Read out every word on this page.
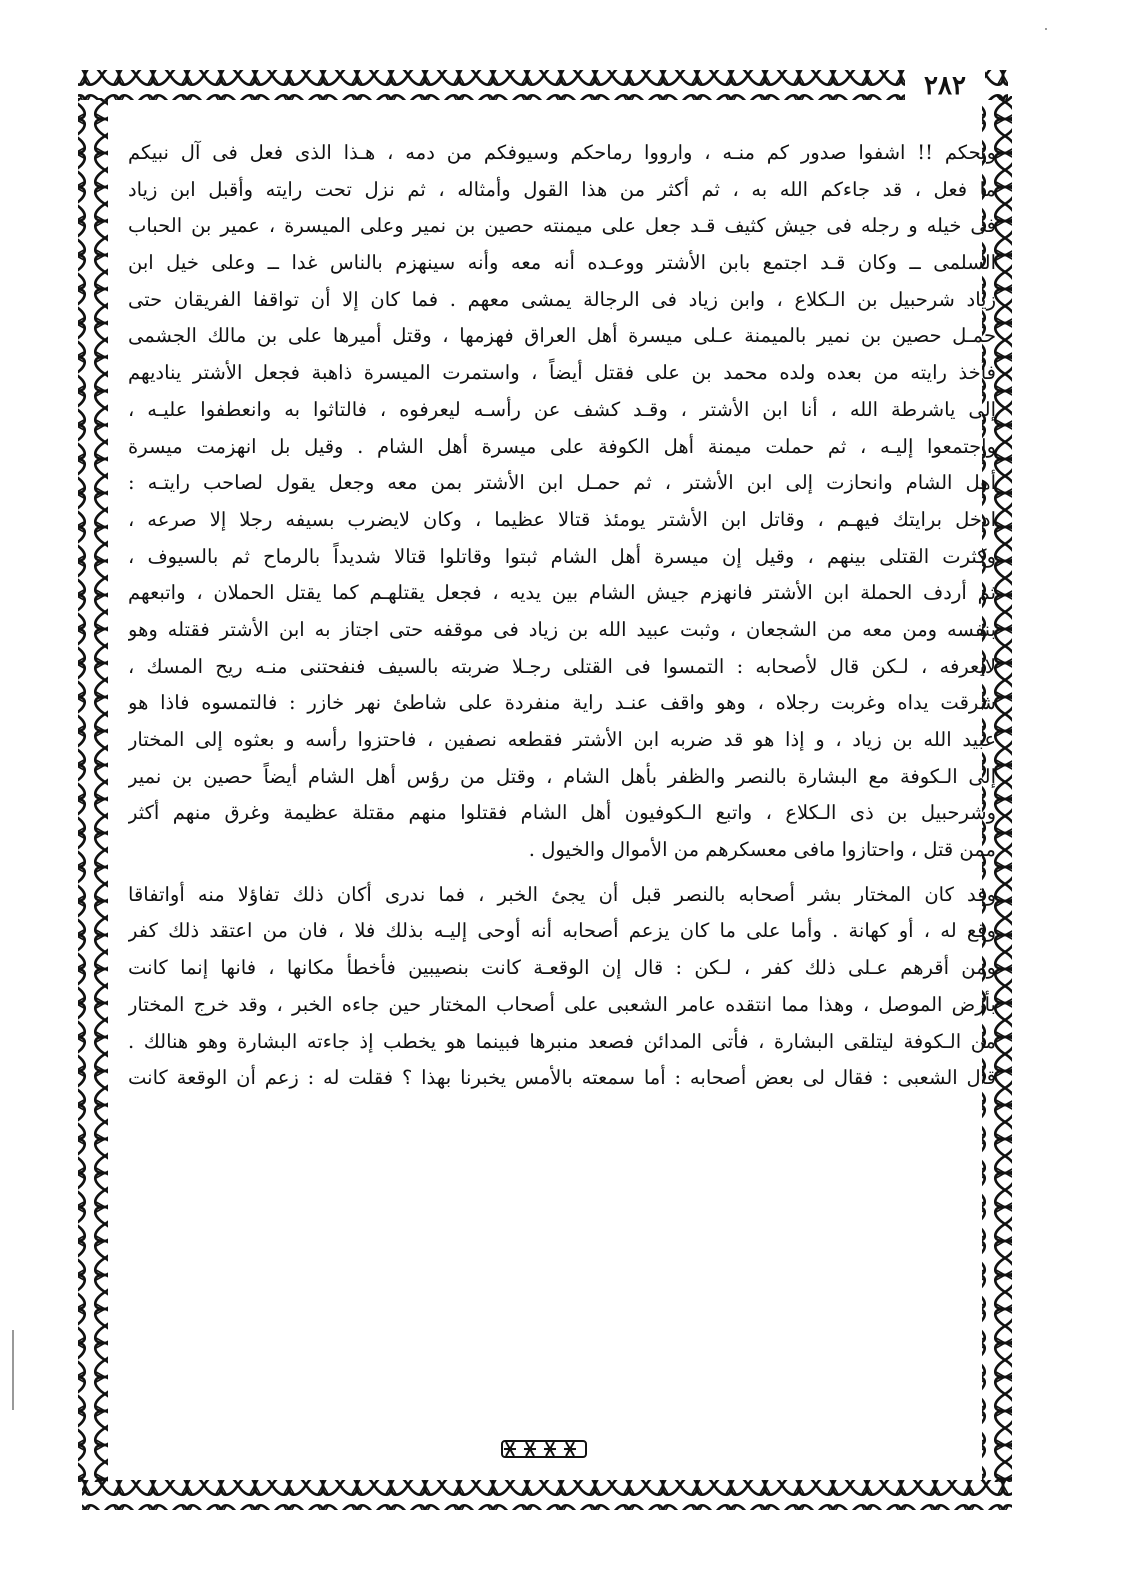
٢٨٢
ويحكم !! اشفوا صدور كم منـه ، وارووا رماحكم وسيوفكم من دمه ، هـذا الذى فعل فى آل نبيكم
ما فعل ، قد جاءكم الله به ، ثم أكثر من هذا القول وأمثاله ، ثم نزل تحت رايته وأقبل ابن زياد
فى خيله و رجله فى جيش كثيف قـد جعل على ميمنته حصين بن نمير وعلى الميسرة ، عمير بن الحباب
السلمى ــ وكان قـد اجتمع بابن الأشتر ووعـده أنه معه وأنه سينهزم بالناس غدا ــ وعلى خيل ابن
زياد شرحبيل بن الـكلاع ، وابن زياد فى الرجالة يمشى معهم . فما كان إلا أن تواقفا الفريقان حتى
حمـل حصين بن نمير بالميمنة عـلى ميسرة أهل العراق فهزمها ، وقتل أميرها على بن مالك الجشمى
فأخذ رايته من بعده ولده محمد بن على فقتل أيضاً ، واستمرت الميسرة ذاهبة فجعل الأشتر يناديهم
إلى ياشرطة الله ، أنا ابن الأشتر ، وقـد كشف عن رأسـه ليعرفوه ، فالتاثوا به وانعطفوا عليـه ،
واجتمعوا إليـه ، ثم حملت ميمنة أهل الكوفة على ميسرة أهل الشام . وقيل بل انهزمت ميسرة
أهل الشام وانحازت إلى ابن الأشتر ، ثم حمـل ابن الأشتر بمن معه وجعل يقول لصاحب رايتـه :
ادخل برايتك فيهـم ، وقاتل ابن الأشتر يومئذ قتالا عظيما ، وكان لايضرب بسيفه رجلا إلا صرعه ،
وكثرت القتلى بينهم ، وقيل إن ميسرة أهل الشام ثبتوا وقاتلوا قتالا شديداً بالرماح ثم بالسيوف ،
ثم أردف الحملة ابن الأشتر فانهزم جيش الشام بين يديه ، فجعل يقتلهـم كما يقتل الحملان ، واتبعهم
بنفسه ومن معه من الشجعان ، وثبت عبيد الله بن زياد فى موقفه حتى اجتاز به ابن الأشتر فقتله وهو
لايعرفه ، لـكن قال لأصحابه : التمسوا فى القتلى رجـلا ضربته بالسيف فنفحتنى منـه ريح المسك ،
شرقت يداه وغربت رجلاه ، وهو واقف عنـد راية منفردة على شاطئ نهر خازر : فالتمسوه فاذا هو
عبيد الله بن زياد ، و إذا هو قد ضربه ابن الأشتر فقطعه نصفين ، فاحتزوا رأسه و بعثوه إلى المختار
إلى الـكوفة مع البشارة بالنصر والظفر بأهل الشام ، وقتل من رؤس أهل الشام أيضاً حصين بن نمير
وشرحبيل بن ذى الـكلاع ، واتبع الـكوفيون أهل الشام فقتلوا منهم مقتلة عظيمة وغرق منهم أكثر
ممن قتل ، واحتازوا مافى معسكرهم من الأموال والخيول .
وقد كان المختار بشر أصحابه بالنصر قبل أن يجئ الخبر ، فما ندرى أكان ذلك تفاؤلا منه أواتفاقا
وقع له ، أو كهانة . وأما على ما كان يزعم أصحابه أنه أوحى إليـه بذلك فلا ، فان من اعتقد ذلك كفر
ومن أقرهم عـلى ذلك كفر ، لـكن : قال إن الوقعـة كانت بنصيبين فأخطأ مكانها ، فانها إنما كانت
بأرض الموصل ، وهذا مما انتقده عامر الشعبى على أصحاب المختار حين جاءه الخبر ، وقد خرج المختار
من الـكوفة ليتلقى البشارة ، فأتى المدائن فصعد منبرها فبينما هو يخطب إذ جاءته البشارة وهو هنالك .
قال الشعبى : فقال لى بعض أصحابه : أما سمعته بالأمس يخبرنا بهذا ؟ فقلت له : زعم أن الوقعة كانت
